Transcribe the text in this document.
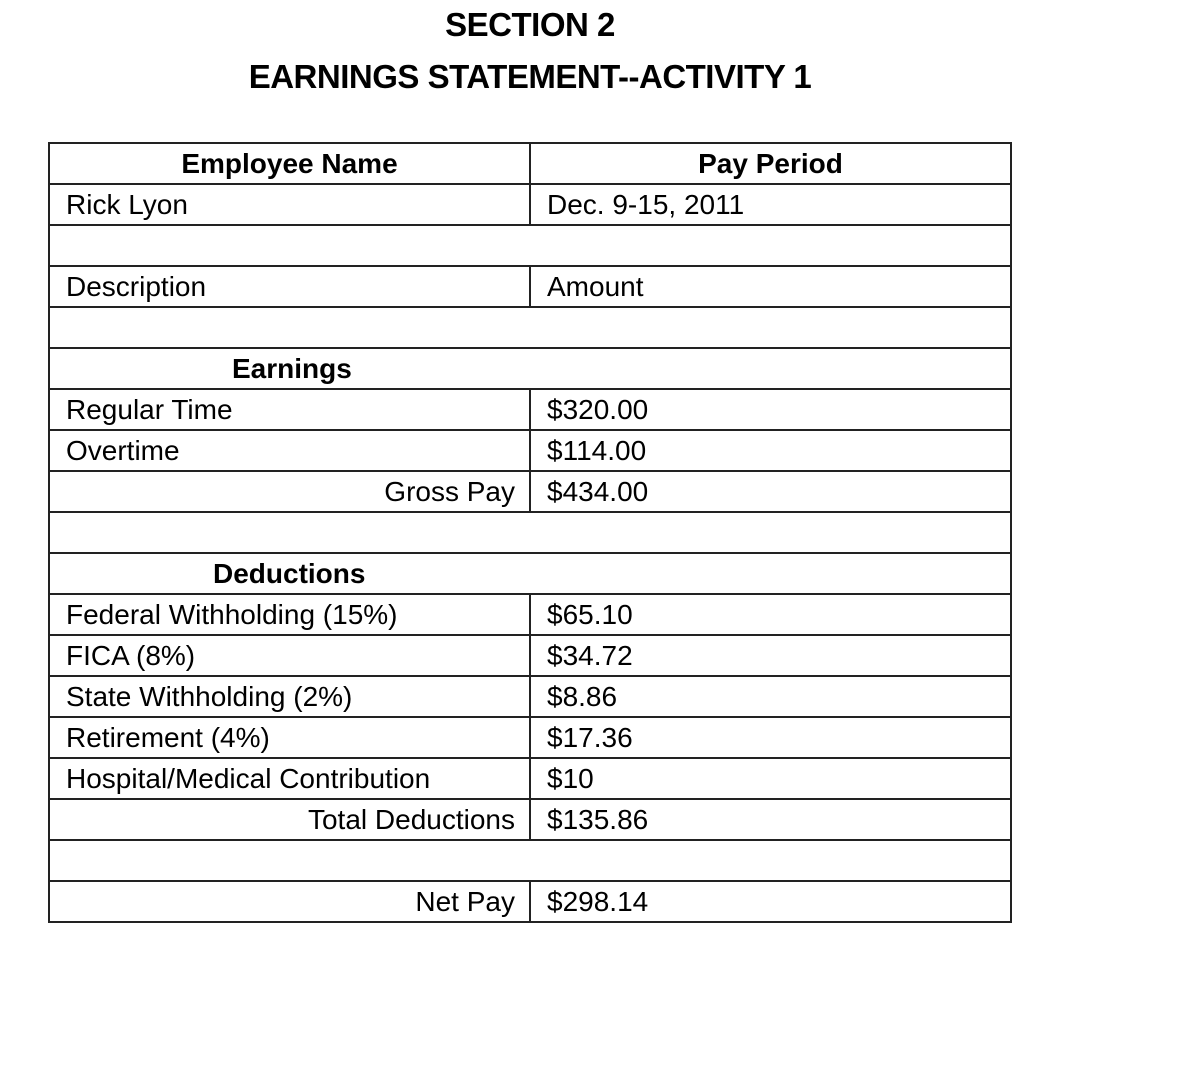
SECTION 2
EARNINGS STATEMENT--ACTIVITY 1
Employee Name	Pay Period
Rick Lyon	Dec. 9-15, 2011

Description	Amount

Earnings	
Regular Time	$320.00
Overtime	$114.00
Gross Pay	$434.00

Deductions	
Federal Withholding (15%)	$65.10
FICA (8%)	$34.72
State Withholding (2%)	$8.86
Retirement (4%)	$17.36
Hospital/Medical Contribution	$10
Total Deductions	$135.86

Net Pay	$298.14
